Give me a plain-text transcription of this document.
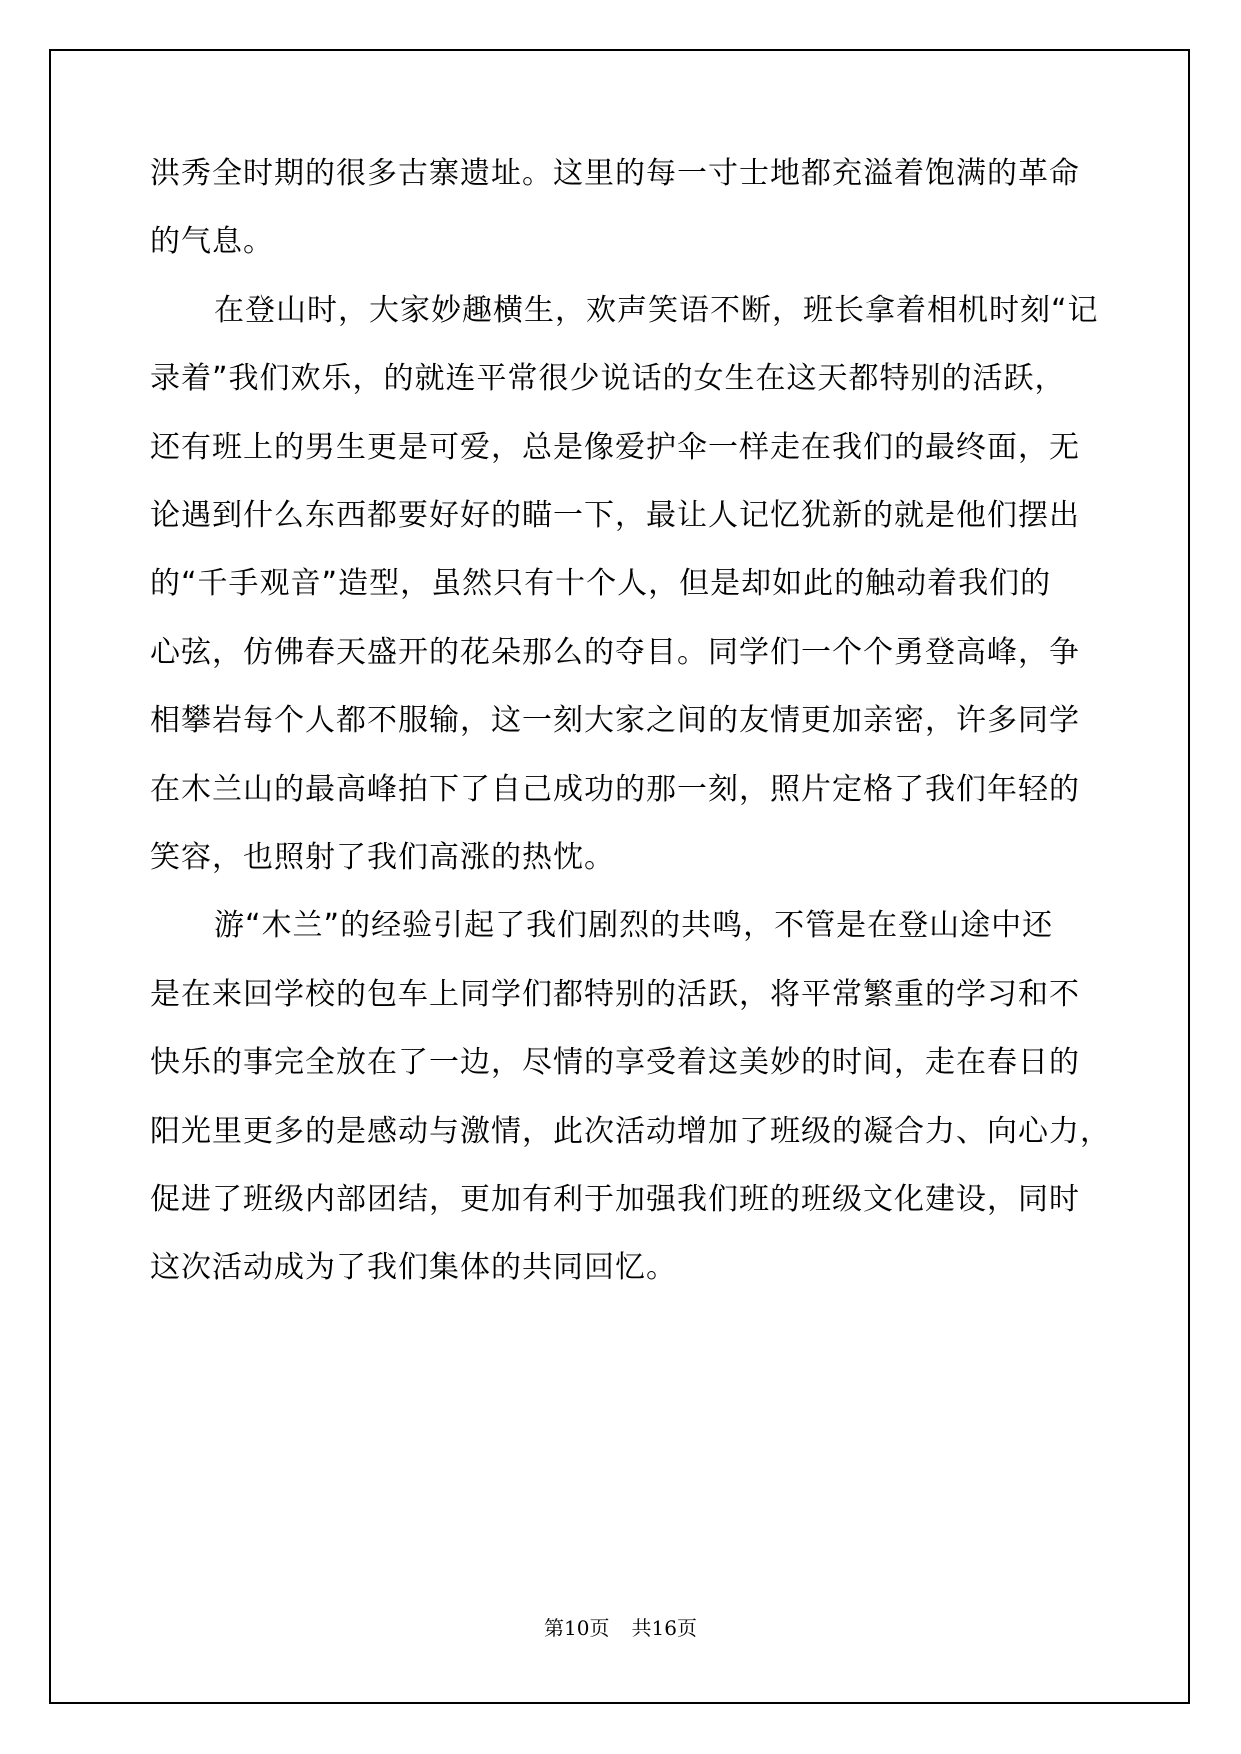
洪秀全时期的很多古寨遗址。这里的每一寸士地都充溢着饱满的革命
的气息。
在登山时，大家妙趣横生，欢声笑语不断，班长拿着相机时刻“记
录着”我们欢乐，的就连平常很少说话的女生在这天都特别的活跃，
还有班上的男生更是可爱，总是像爱护伞一样走在我们的最终面，无
论遇到什么东西都要好好的瞄一下，最让人记忆犹新的就是他们摆出
的“千手观音”造型，虽然只有十个人，但是却如此的触动着我们的
心弦，仿佛春天盛开的花朵那么的夺目。同学们一个个勇登高峰，争
相攀岩每个人都不服输，这一刻大家之间的友情更加亲密，许多同学
在木兰山的最高峰拍下了自己成功的那一刻，照片定格了我们年轻的
笑容，也照射了我们高涨的热忱。
游“木兰”的经验引起了我们剧烈的共鸣，不管是在登山途中还
是在来回学校的包车上同学们都特别的活跃，将平常繁重的学习和不
快乐的事完全放在了一边，尽情的享受着这美妙的时间，走在春日的
阳光里更多的是感动与激情，此次活动增加了班级的凝合力、向心力，
促进了班级内部团结，更加有利于加强我们班的班级文化建设，同时
这次活动成为了我们集体的共同回忆。
第10页 共16页
